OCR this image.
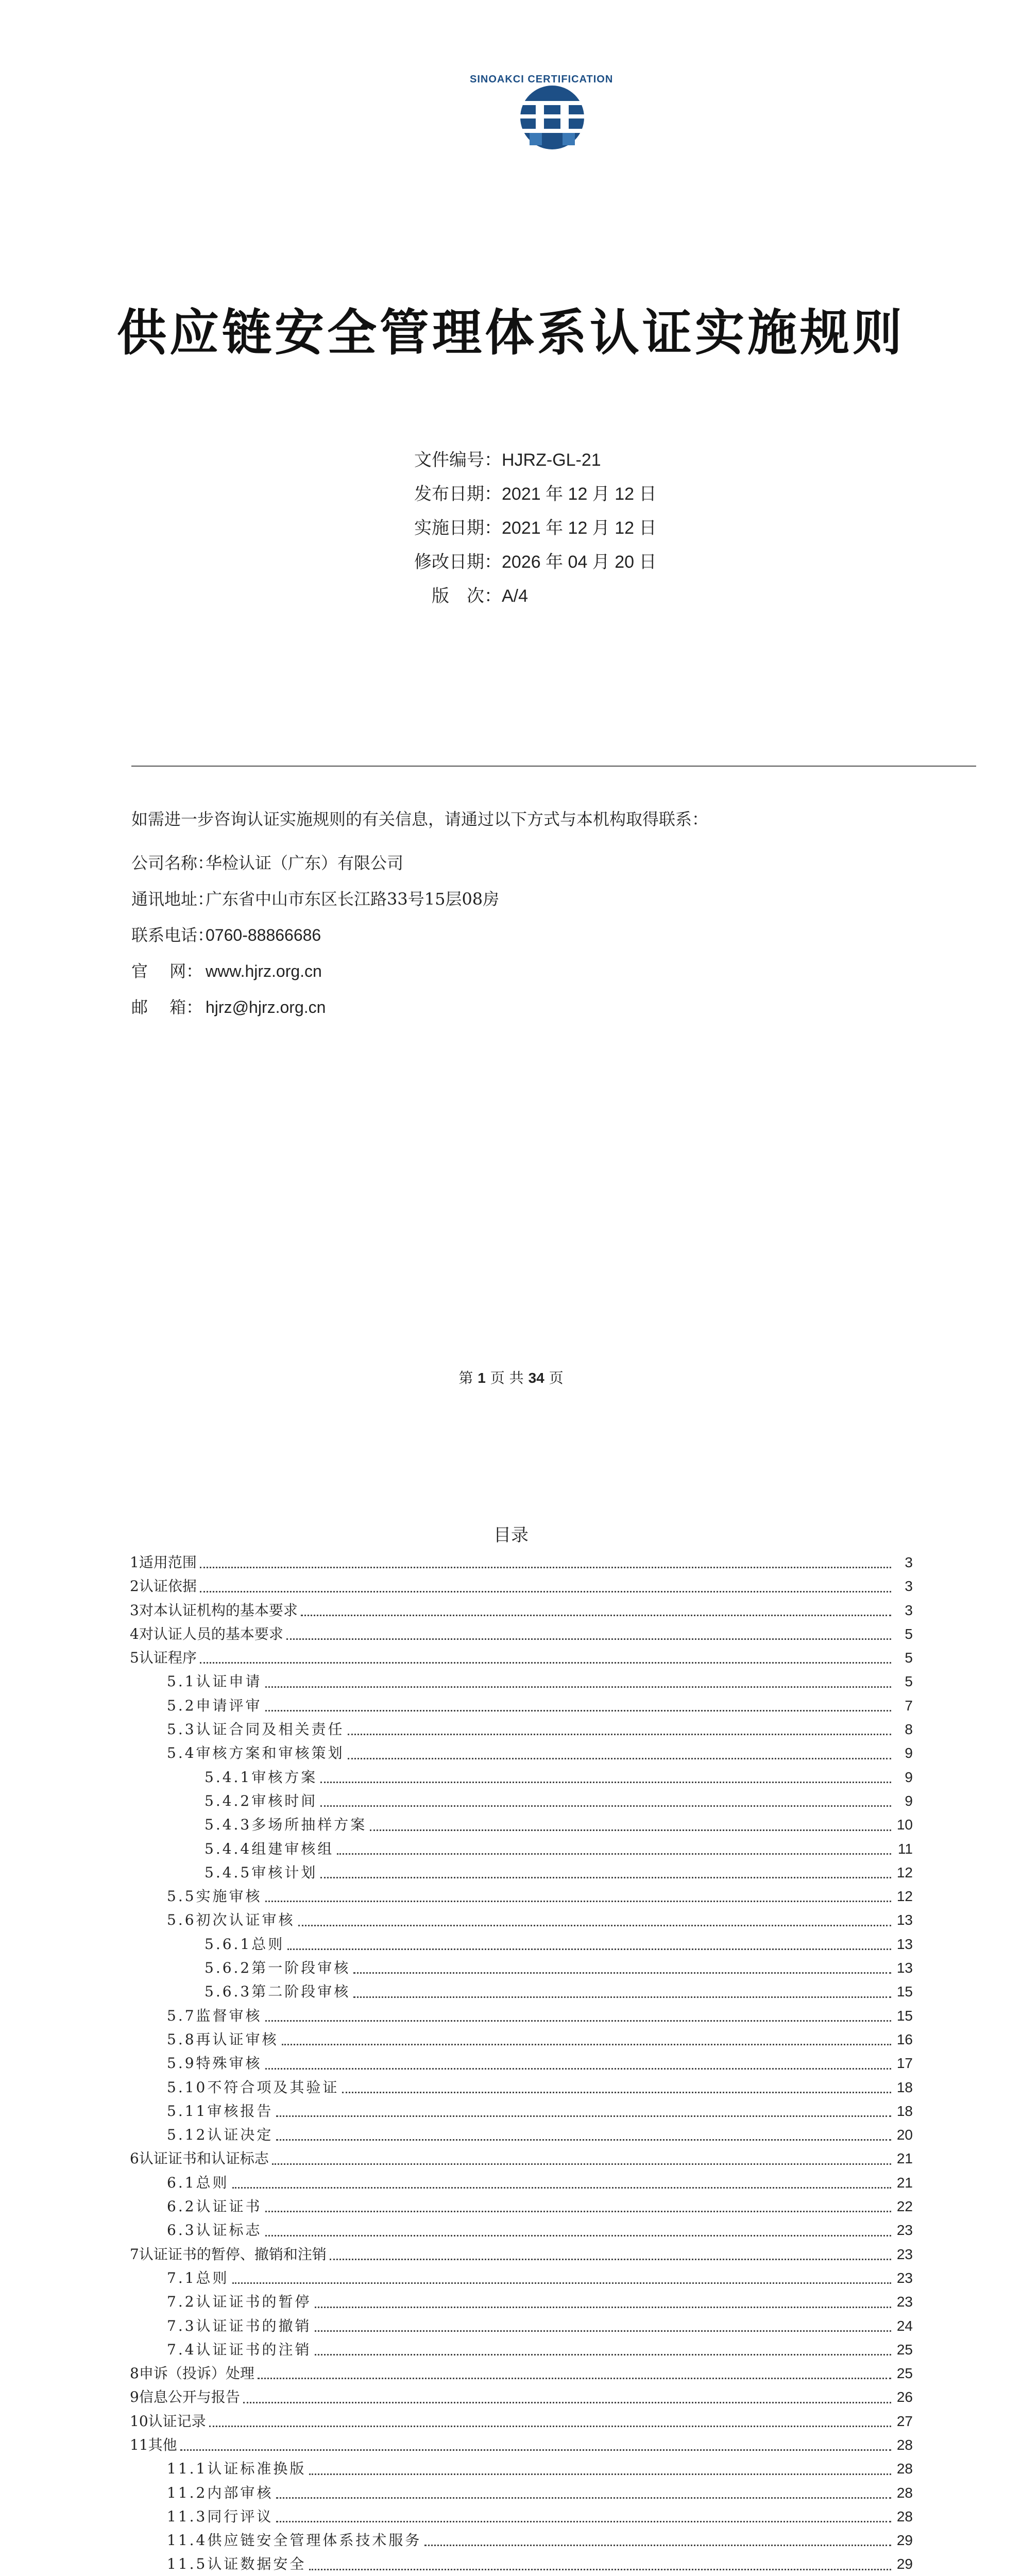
SINOAKCI CERTIFICATION
供应链安全管理体系认证实施规则
文件编号：HJRZ-GL-21
发布日期：2021 年 12 月 12 日
实施日期：2021 年 12 月 12 日
修改日期：2026 年 04 月 20 日
版　次：A/4
如需进一步咨询认证实施规则的有关信息，请通过以下方式与本机构取得联系：
公司名称：华检认证（广东）有限公司
通讯地址：广东省中山市东区长江路33号15层08房
联系电话：0760-88866686
官　 网： www.hjrz.org.cn
邮　 箱： hjrz@hjrz.org.cn
第 1 页 共 34 页
目录
1适用范围	3
2认证依据	3
3对本认证机构的基本要求	3
4对认证人员的基本要求	5
5认证程序	5
5.1认证申请	5
5.2申请评审	7
5.3认证合同及相关责任	8
5.4审核方案和审核策划	9
5.4.1审核方案	9
5.4.2审核时间	9
5.4.3多场所抽样方案	10
5.4.4组建审核组	11
5.4.5审核计划	12
5.5实施审核	12
5.6初次认证审核	13
5.6.1总则	13
5.6.2第一阶段审核	13
5.6.3第二阶段审核	15
5.7监督审核	15
5.8再认证审核	16
5.9特殊审核	17
5.10不符合项及其验证	18
5.11审核报告	18
5.12认证决定	20
6认证证书和认证标志	21
6.1总则	21
6.2认证证书	22
6.3认证标志	23
7认证证书的暂停、撤销和注销	23
7.1总则	23
7.2认证证书的暂停	23
7.3认证证书的撤销	24
7.4认证证书的注销	25
8申诉（投诉）处理	25
9信息公开与报告	26
10认证记录	27
11其他	28
11.1认证标准换版	28
11.2内部审核	28
11.3同行评议	28
11.4供应链安全管理体系技术服务	29
11.5认证数据安全	29
